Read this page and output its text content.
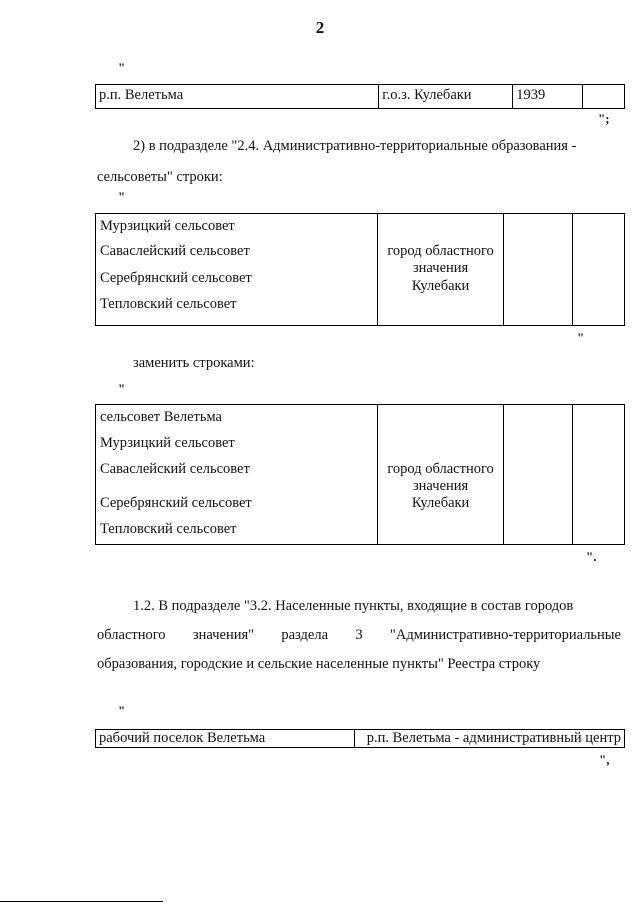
2
"
р.п. Велетьма	г.о.з. Кулебаки	1939	
";
2) в подразделе "2.4. Административно-территориальные образования -
сельсоветы" строки:
"
Мурзицкий сельсовет
Саваслейский сельсовет
Серебрянский сельсовет
Тепловский сельсовет

город областного
значения
Кулебаки

"
заменить строками:
"
сельсовет Велетьма
Мурзицкий сельсовет
Саваслейский сельсовет
Серебрянский сельсовет
Тепловский сельсовет

город областного
значения
Кулебаки

".
1.2. В подразделе "3.2. Населенные пункты, входящие в состав городов
областного значения" раздела 3 "Административно-территориальные
образования, городские и сельские населенные пункты" Реестра строку
"
рабочий поселок Велетьма	р.п. Велетьма - административный центр
",
